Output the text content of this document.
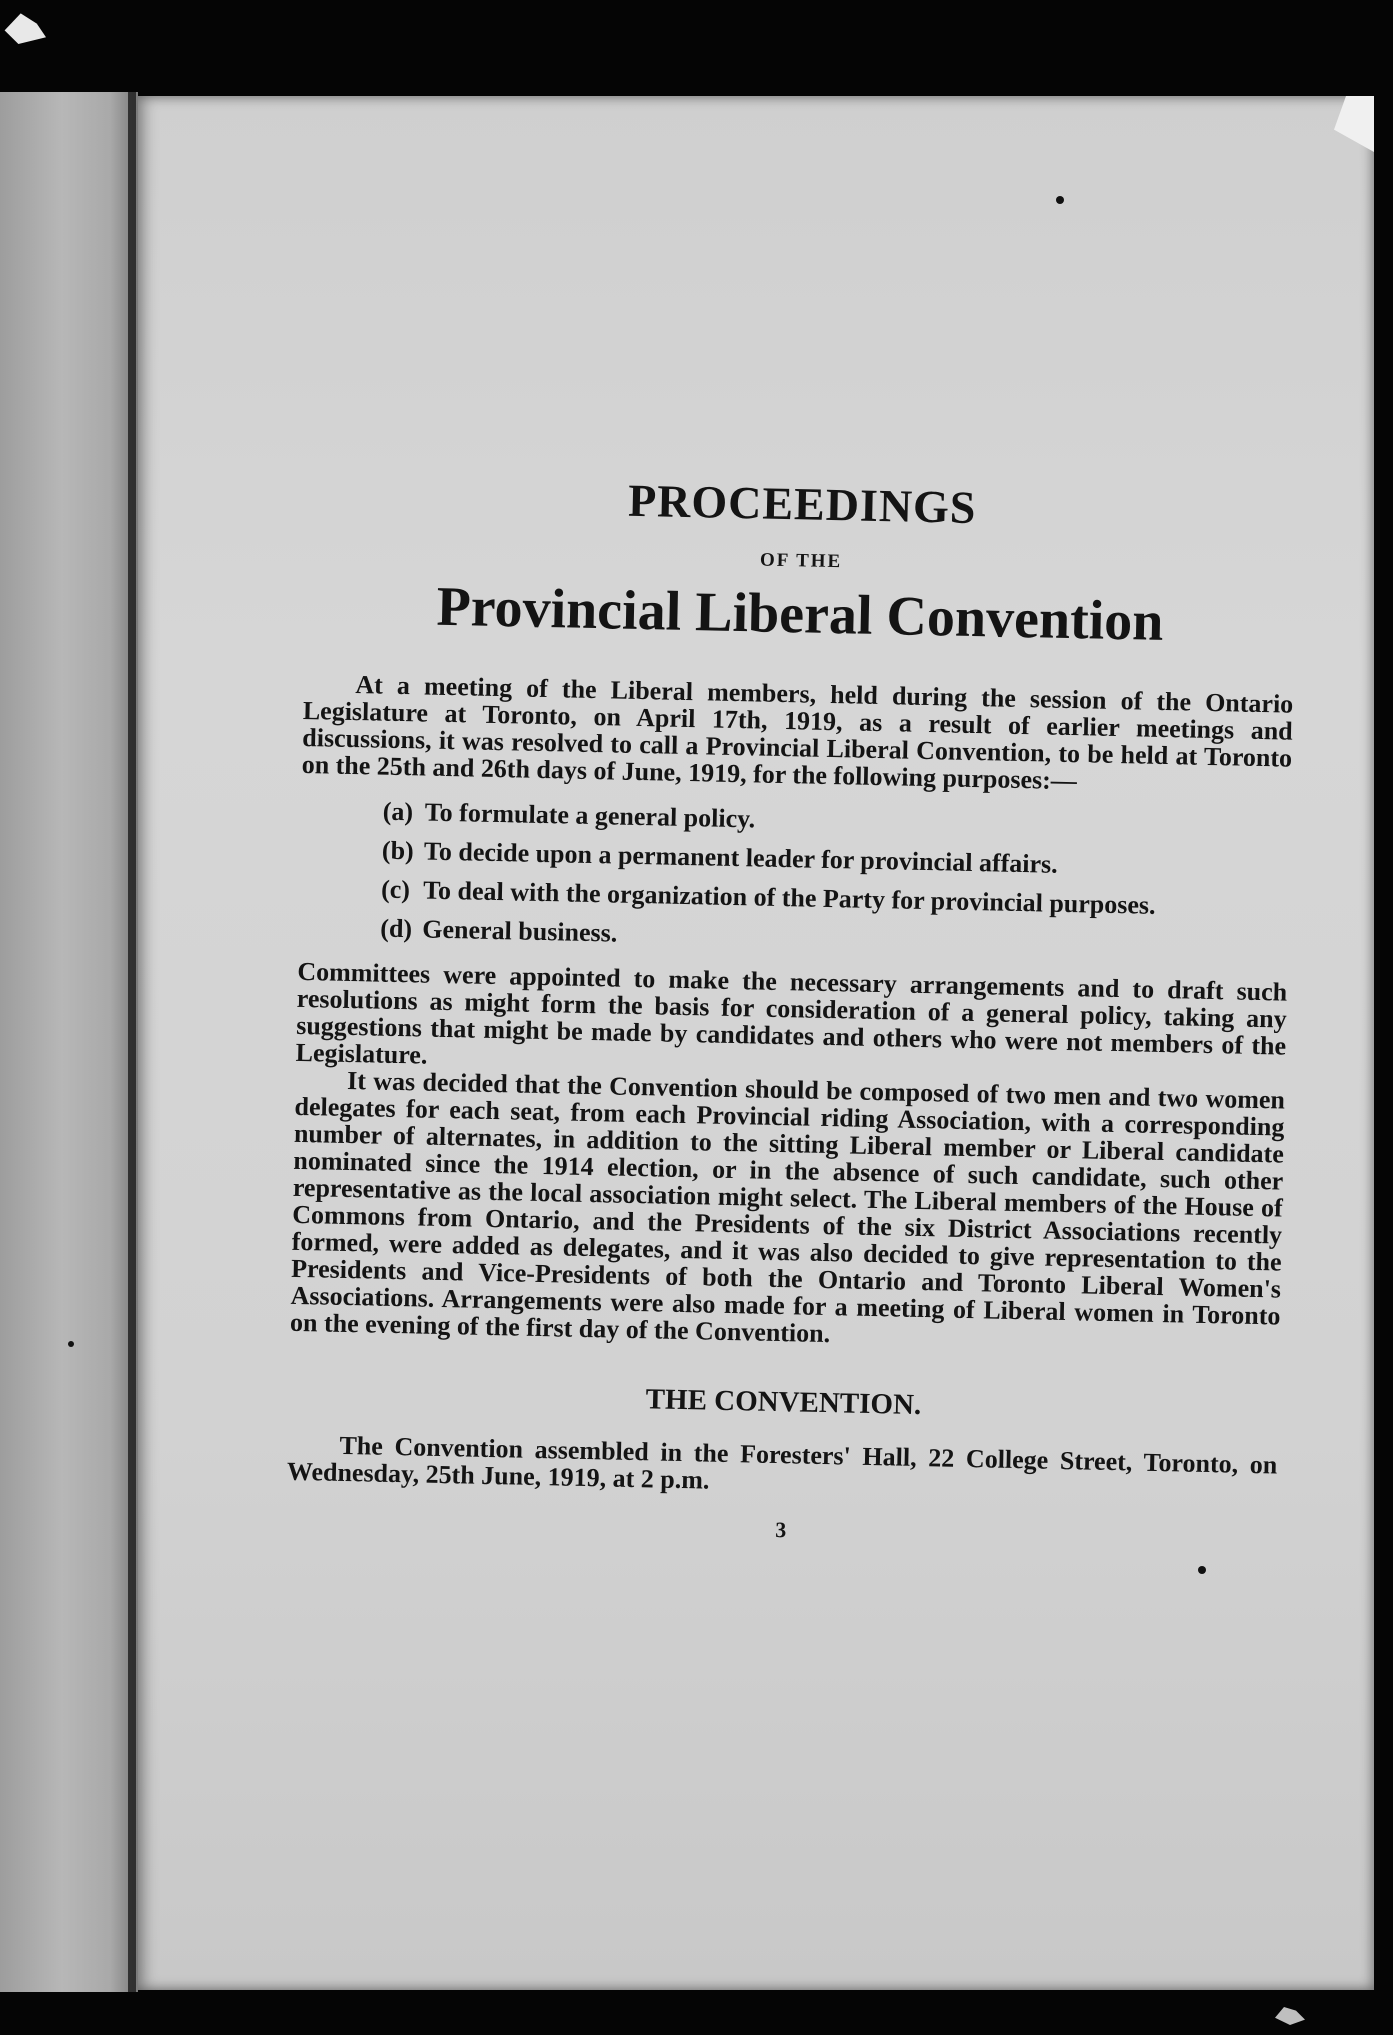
PROCEEDINGS
OF THE
Provincial Liberal Convention

At a meeting of the Liberal members, held during the session of the Ontario Legislature at Toronto, on April 17th, 1919, as a result of earlier meetings and discussions, it was resolved to call a Provincial Liberal Convention, to be held at Toronto on the 25th and 26th days of June, 1919, for the following purposes:—

(a) To formulate a general policy.
(b) To decide upon a permanent leader for provincial affairs.
(c) To deal with the organization of the Party for provincial purposes.
(d) General business.

Committees were appointed to make the necessary arrangements and to draft such resolutions as might form the basis for consideration of a general policy, taking any suggestions that might be made by candidates and others who were not members of the Legislature.

It was decided that the Convention should be composed of two men and two women delegates for each seat, from each Provincial riding Association, with a corresponding number of alternates, in addition to the sitting Liberal member or Liberal candidate nominated since the 1914 election, or in the absence of such candidate, such other representative as the local association might select. The Liberal members of the House of Commons from Ontario, and the Presidents of the six District Associations recently formed, were added as delegates, and it was also decided to give representation to the Presidents and Vice-Presidents of both the Ontario and Toronto Liberal Women's Associations. Arrangements were also made for a meeting of Liberal women in Toronto on the evening of the first day of the Convention.

THE CONVENTION.

The Convention assembled in the Foresters' Hall, 22 College Street, Toronto, on Wednesday, 25th June, 1919, at 2 p.m.

3
